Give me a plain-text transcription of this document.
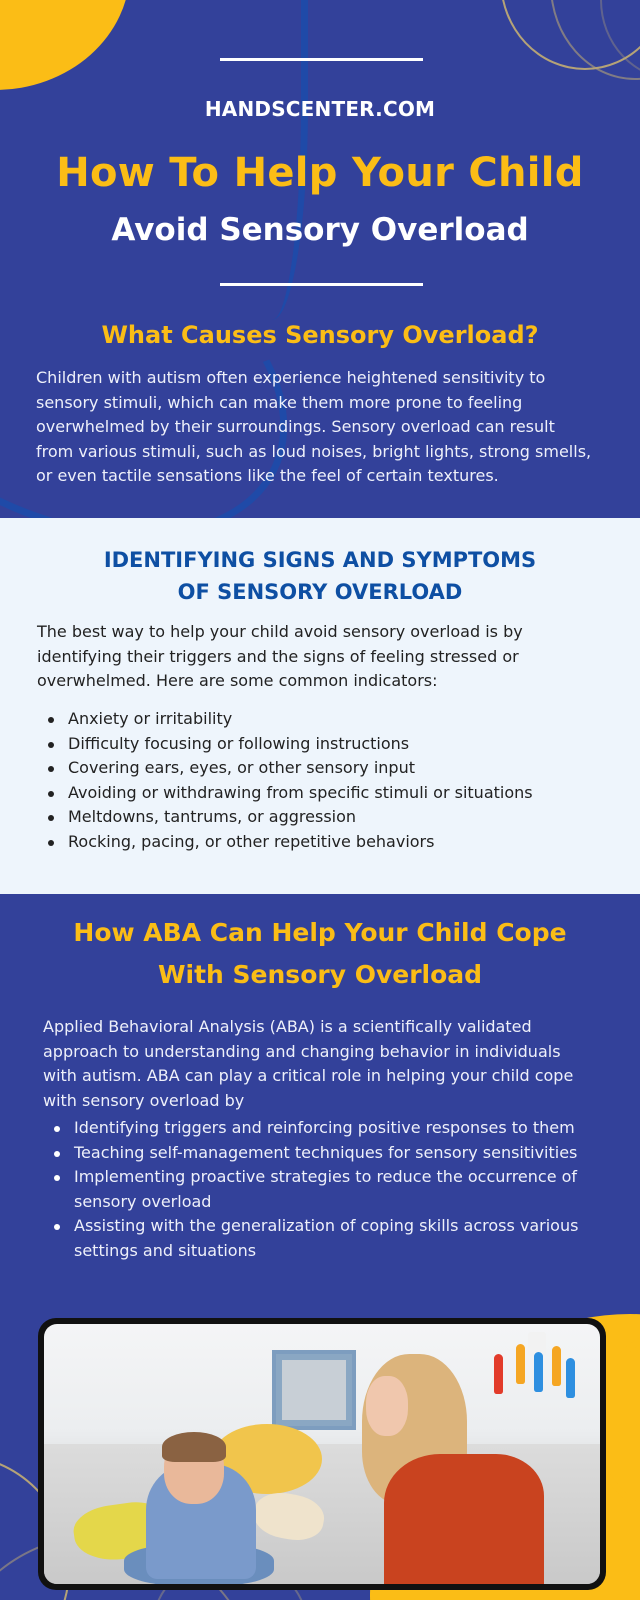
HANDSCENTER.COM
How To Help Your Child
Avoid Sensory Overload
What Causes Sensory Overload?
Children with autism often experience heightened sensitivity to
sensory stimuli, which can make them more prone to feeling
overwhelmed by their surroundings. Sensory overload can result
from various stimuli, such as loud noises, bright lights, strong smells,
or even tactile sensations like the feel of certain textures.
IDENTIFYING SIGNS AND SYMPTOMS
OF SENSORY OVERLOAD
The best way to help your child avoid sensory overload is by
identifying their triggers and the signs of feeling stressed or
overwhelmed. Here are some common indicators:
Anxiety or irritability
Difficulty focusing or following instructions
Covering ears, eyes, or other sensory input
Avoiding or withdrawing from specific stimuli or situations
Meltdowns, tantrums, or aggression
Rocking, pacing, or other repetitive behaviors
How ABA Can Help Your Child Cope
With Sensory Overload
Applied Behavioral Analysis (ABA) is a scientifically validated
approach to understanding and changing behavior in individuals
with autism. ABA can play a critical role in helping your child cope
with sensory overload by
Identifying triggers and reinforcing positive responses to them
Teaching self-management techniques for sensory sensitivities
Implementing proactive strategies to reduce the occurrence of sensory overload
Assisting with the generalization of coping skills across various settings and situations
